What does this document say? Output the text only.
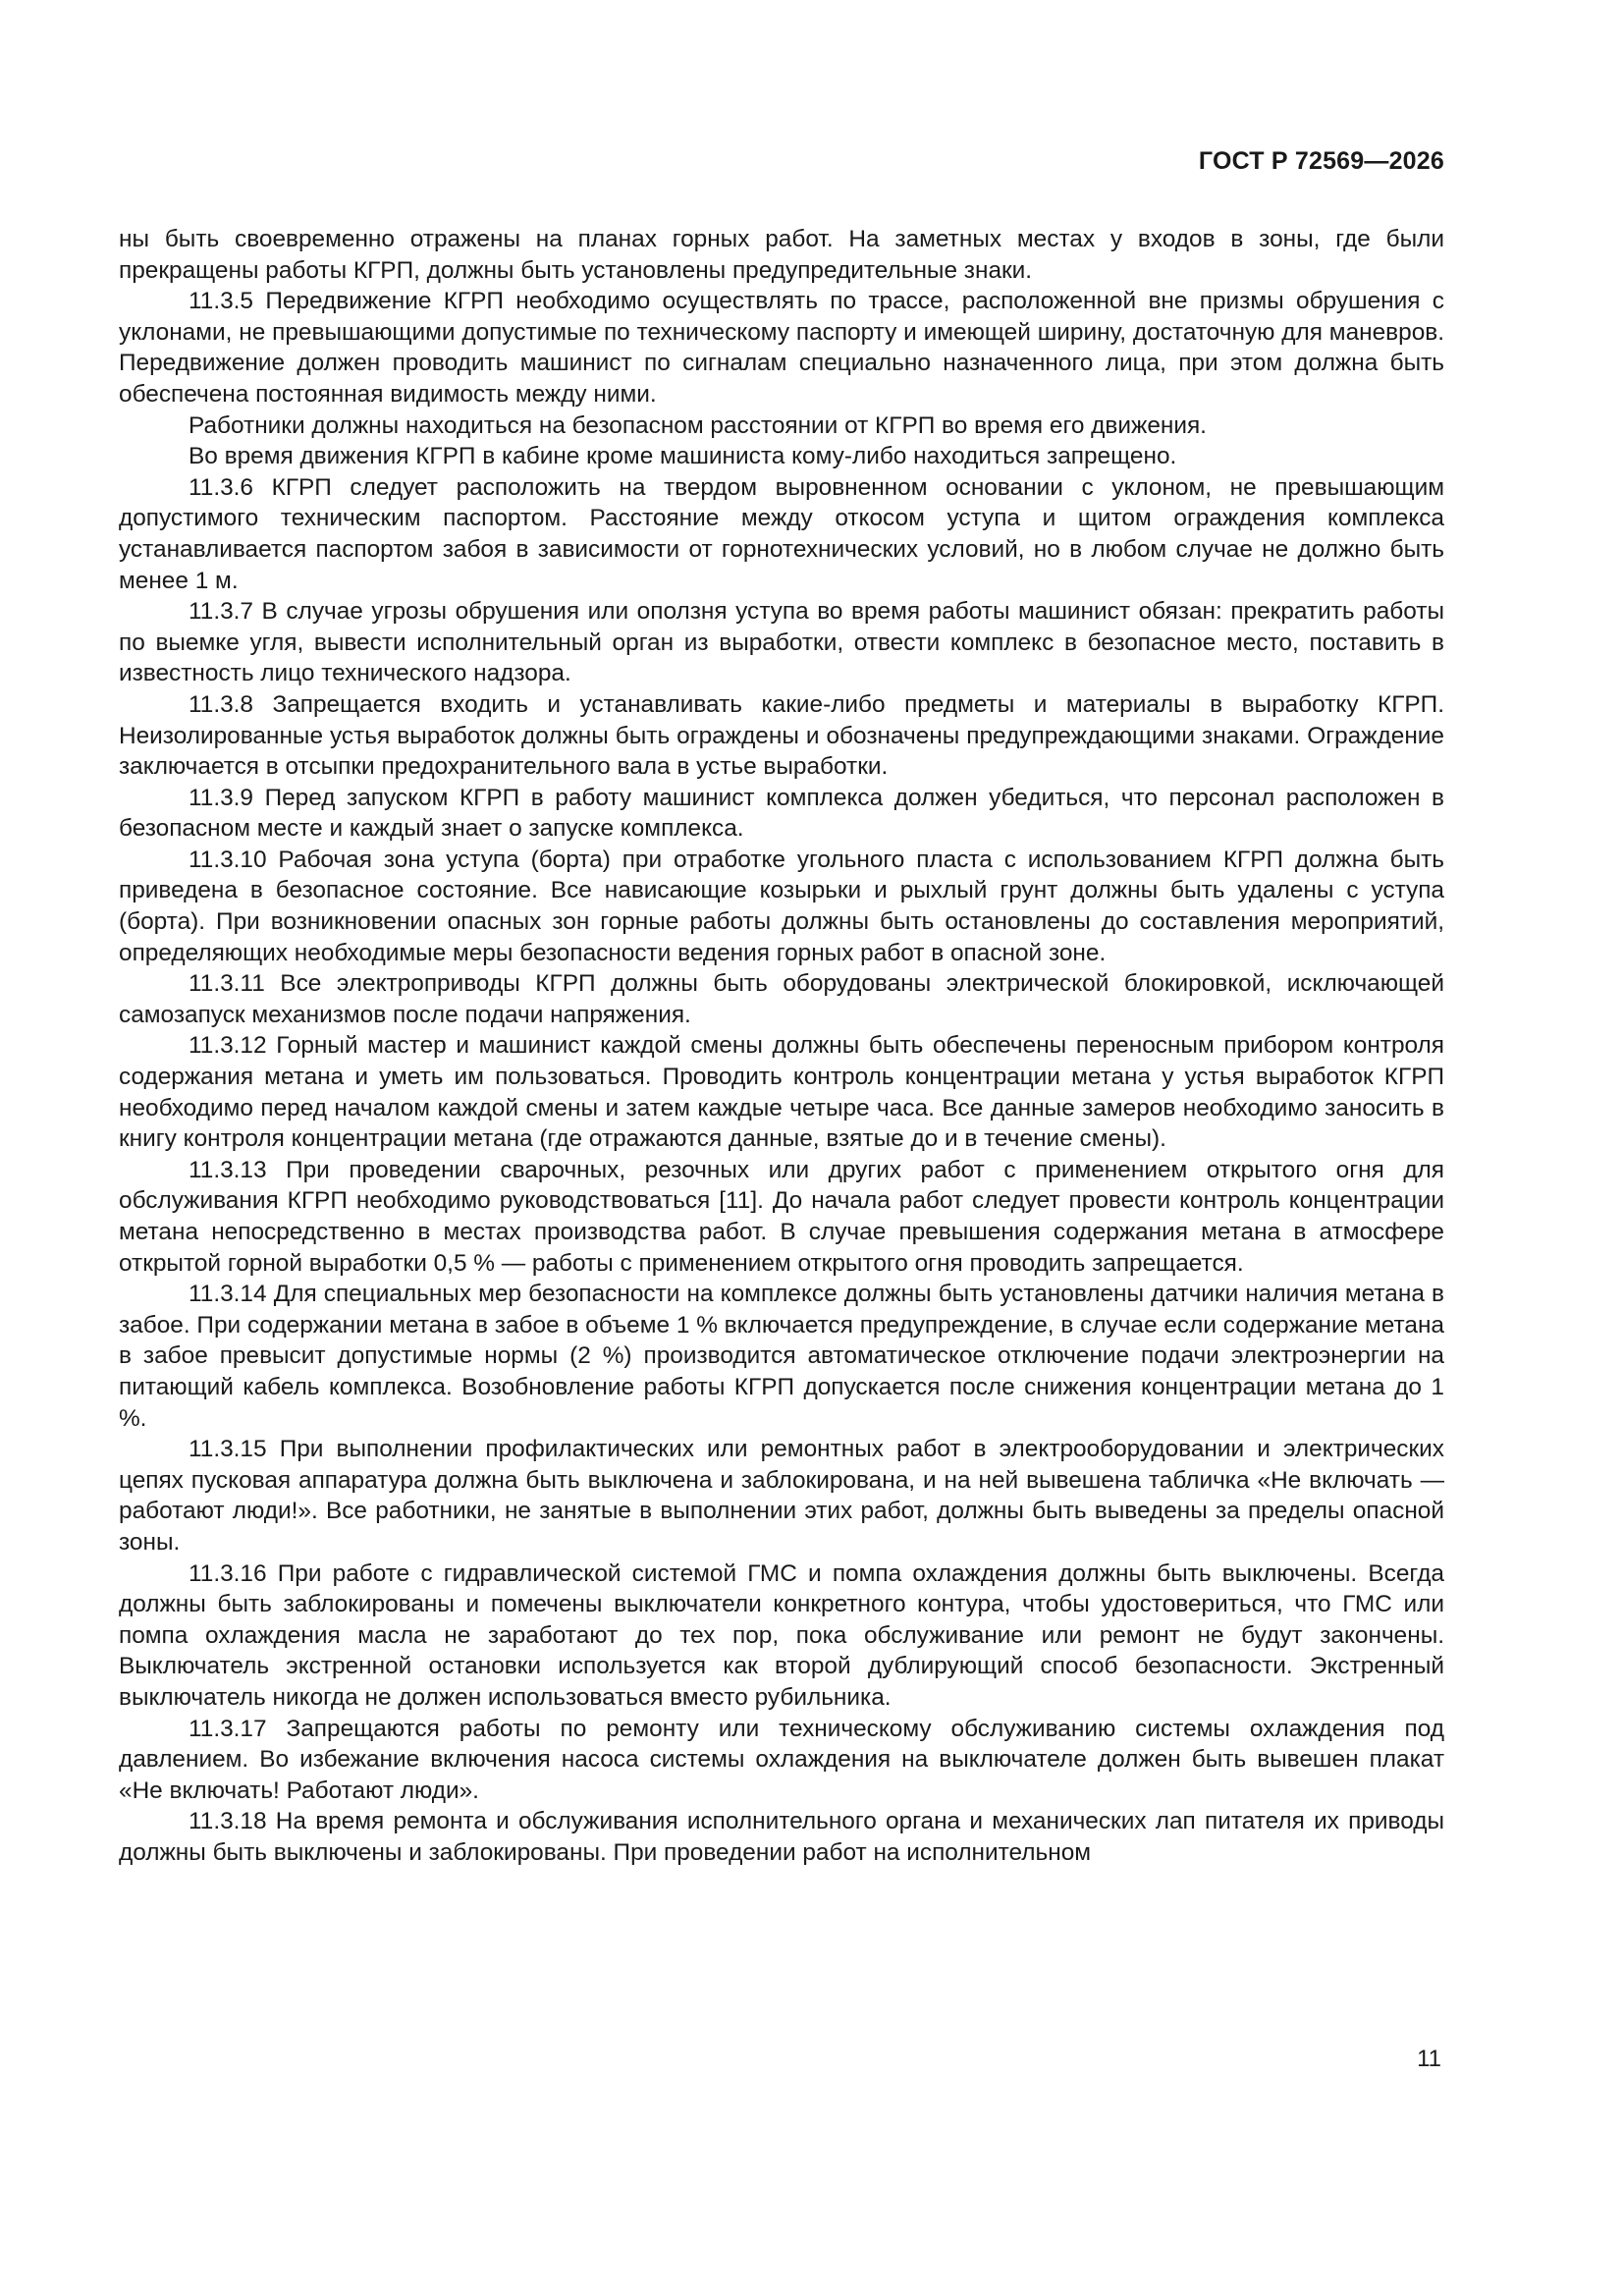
ГОСТ Р 72569—2026

ны быть своевременно отражены на планах горных работ. На заметных местах у входов в зоны, где были прекращены работы КГРП, должны быть установлены предупредительные знаки.

11.3.5 Передвижение КГРП необходимо осуществлять по трассе, расположенной вне призмы обрушения с уклонами, не превышающими допустимые по техническому паспорту и имеющей ширину, достаточную для маневров. Передвижение должен проводить машинист по сигналам специально назначенного лица, при этом должна быть обеспечена постоянная видимость между ними.

Работники должны находиться на безопасном расстоянии от КГРП во время его движения.

Во время движения КГРП в кабине кроме машиниста кому-либо находиться запрещено.

11.3.6 КГРП следует расположить на твердом выровненном основании с уклоном, не превышающим допустимого техническим паспортом. Расстояние между откосом уступа и щитом ограждения комплекса устанавливается паспортом забоя в зависимости от горнотехнических условий, но в любом случае не должно быть менее 1 м.

11.3.7 В случае угрозы обрушения или оползня уступа во время работы машинист обязан: прекратить работы по выемке угля, вывести исполнительный орган из выработки, отвести комплекс в безопасное место, поставить в известность лицо технического надзора.

11.3.8 Запрещается входить и устанавливать какие-либо предметы и материалы в выработку КГРП. Неизолированные устья выработок должны быть ограждены и обозначены предупреждающими знаками. Ограждение заключается в отсыпки предохранительного вала в устье выработки.

11.3.9 Перед запуском КГРП в работу машинист комплекса должен убедиться, что персонал расположен в безопасном месте и каждый знает о запуске комплекса.

11.3.10 Рабочая зона уступа (борта) при отработке угольного пласта с использованием КГРП должна быть приведена в безопасное состояние. Все нависающие козырьки и рыхлый грунт должны быть удалены с уступа (борта). При возникновении опасных зон горные работы должны быть остановлены до составления мероприятий, определяющих необходимые меры безопасности ведения горных работ в опасной зоне.

11.3.11 Все электроприводы КГРП должны быть оборудованы электрической блокировкой, исключающей самозапуск механизмов после подачи напряжения.

11.3.12 Горный мастер и машинист каждой смены должны быть обеспечены переносным прибором контроля содержания метана и уметь им пользоваться. Проводить контроль концентрации метана у устья выработок КГРП необходимо перед началом каждой смены и затем каждые четыре часа. Все данные замеров необходимо заносить в книгу контроля концентрации метана (где отражаются данные, взятые до и в течение смены).

11.3.13 При проведении сварочных, резочных или других работ с применением открытого огня для обслуживания КГРП необходимо руководствоваться [11]. До начала работ следует провести контроль концентрации метана непосредственно в местах производства работ. В случае превышения содержания метана в атмосфере открытой горной выработки 0,5 % — работы с применением открытого огня проводить запрещается.

11.3.14 Для специальных мер безопасности на комплексе должны быть установлены датчики наличия метана в забое. При содержании метана в забое в объеме 1 % включается предупреждение, в случае если содержание метана в забое превысит допустимые нормы (2 %) производится автоматическое отключение подачи электроэнергии на питающий кабель комплекса. Возобновление работы КГРП допускается после снижения концентрации метана до 1 %.

11.3.15 При выполнении профилактических или ремонтных работ в электрооборудовании и электрических цепях пусковая аппаратура должна быть выключена и заблокирована, и на ней вывешена табличка «Не включать — работают люди!». Все работники, не занятые в выполнении этих работ, должны быть выведены за пределы опасной зоны.

11.3.16 При работе с гидравлической системой ГМС и помпа охлаждения должны быть выключены. Всегда должны быть заблокированы и помечены выключатели конкретного контура, чтобы удостовериться, что ГМС или помпа охлаждения масла не заработают до тех пор, пока обслуживание или ремонт не будут закончены. Выключатель экстренной остановки используется как второй дублирующий способ безопасности. Экстренный выключатель никогда не должен использоваться вместо рубильника.

11.3.17 Запрещаются работы по ремонту или техническому обслуживанию системы охлаждения под давлением. Во избежание включения насоса системы охлаждения на выключателе должен быть вывешен плакат «Не включать! Работают люди».

11.3.18 На время ремонта и обслуживания исполнительного органа и механических лап питателя их приводы должны быть выключены и заблокированы. При проведении работ на исполнительном

11
